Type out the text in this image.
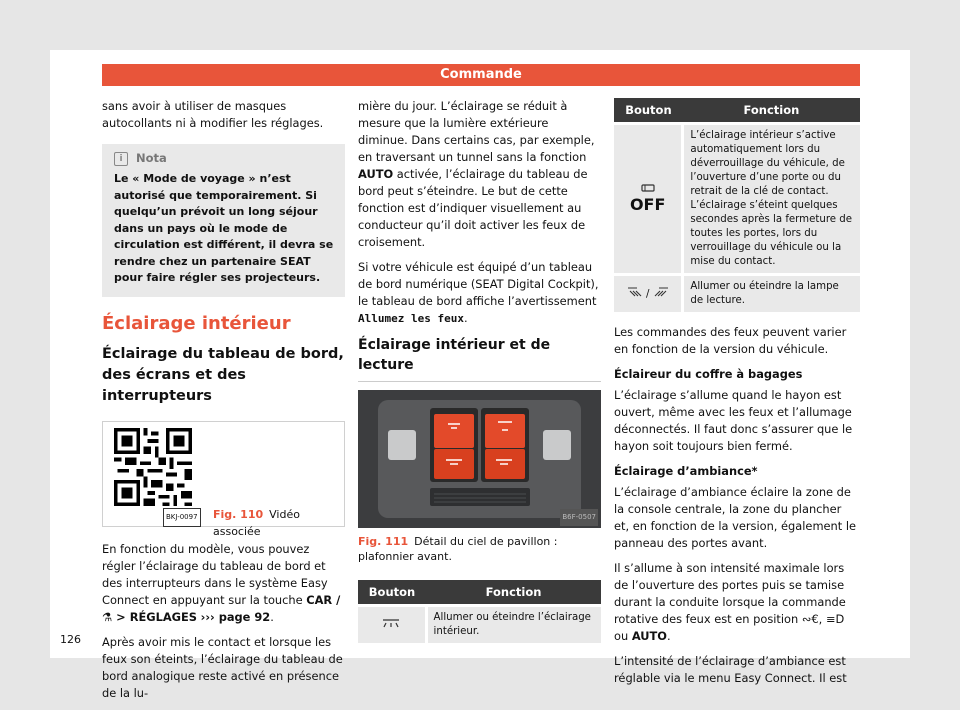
Commande

sans avoir à utiliser de masques autocollants ni à modifier les réglages.

i	Nota
Le « Mode de voyage » n’est autorisé que temporairement. Si quelqu’un prévoit un long séjour dans un pays où le mode de circulation est différent, il devra se rendre chez un partenaire SEAT pour faire régler ses projecteurs.
Éclairage intérieur
Éclairage du tableau de bord, des écrans et des interrupteurs
BKJ-0097 Fig. 110 Vidéo associée

En fonction du modèle, vous pouvez régler l’éclairage du tableau de bord et des interrupteurs dans le système Easy Connect en appuyant sur la touche CAR / ⚗ > RÉGLAGES ››› page 92.

Après avoir mis le contact et lorsque les feux son éteints, l’éclairage du tableau de bord analogique reste activé en présence de la lu-

mière du jour. L’éclairage se réduit à mesure que la lumière extérieure diminue. Dans certains cas, par exemple, en traversant un tunnel sans la fonction AUTO activée, l’éclairage du tableau de bord peut s’éteindre. Le but de cette fonction est d’indiquer visuellement au conducteur qu’il doit activer les feux de croisement.

Si votre véhicule est équipé d’un tableau de bord numérique (SEAT Digital Cockpit), le tableau de bord affiche l’avertissement Allumez les feux.

Éclairage intérieur et de lecture
B6F-0507
Fig. 111 Détail du ciel de pavillon : plafonnier avant.
Bouton	Fonction
	Allumer ou éteindre l’éclairage intérieur.
Bouton	Fonction

OFF	L’éclairage intérieur s’active automatiquement lors du déverrouillage du véhicule, de l’ouverture d’une porte ou du retrait de la clé de contact. L’éclairage s’éteint quelques secondes après la fermeture de toutes les portes, lors du verrouillage du véhicule ou la mise du contact.
/	Allumer ou éteindre la lampe de lecture.

Les commandes des feux peuvent varier en fonction de la version du véhicule.

Éclaireur du coffre à bagages

L’éclairage s’allume quand le hayon est ouvert, même avec les feux et l’allumage déconnectés. Il faut donc s’assurer que le hayon soit toujours bien fermé.

Éclairage d’ambiance*

L’éclairage d’ambiance éclaire la zone de la console centrale, la zone du plancher et, en fonction de la version, également le panneau des portes avant.

Il s’allume à son intensité maximale lors de l’ouverture des portes puis se tamise durant la conduite lorsque la commande rotative des feux est en position ∾€, ≡D ou AUTO.

L’intensité de l’éclairage d’ambiance est réglable via le menu Easy Connect. Il est

126
